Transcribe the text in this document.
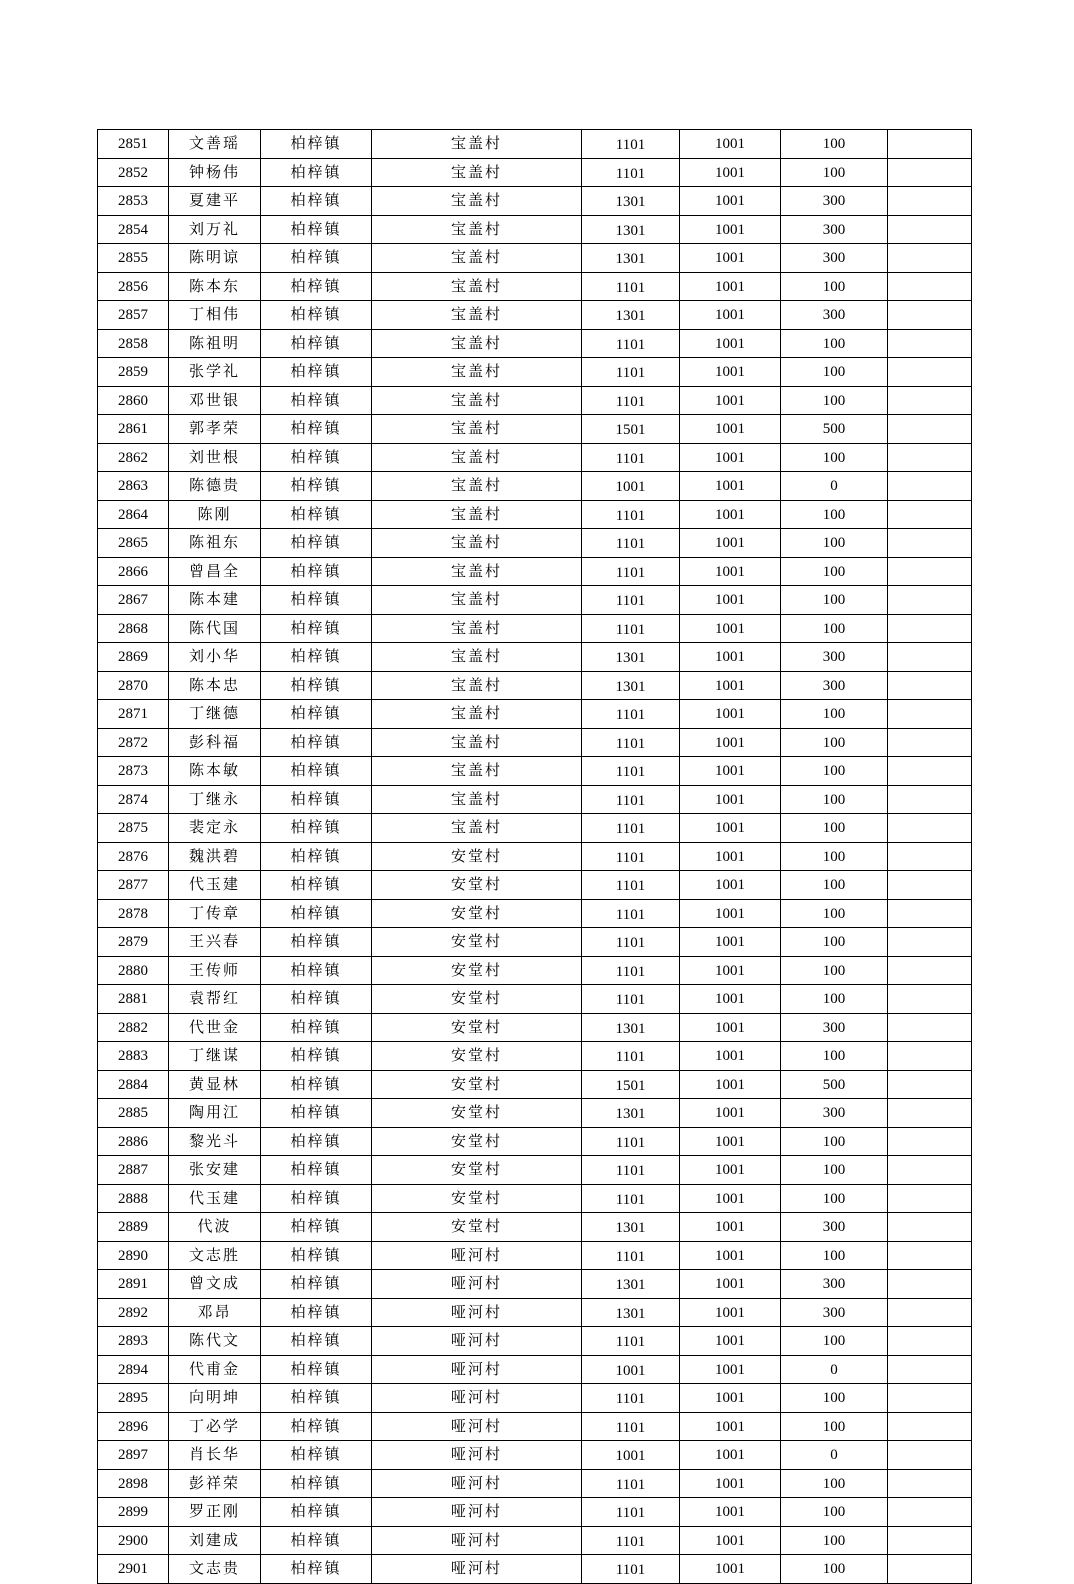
2851	文善瑶	柏梓镇	宝盖村	1101	1001	100	
2852	钟杨伟	柏梓镇	宝盖村	1101	1001	100	
2853	夏建平	柏梓镇	宝盖村	1301	1001	300	
2854	刘万礼	柏梓镇	宝盖村	1301	1001	300	
2855	陈明谅	柏梓镇	宝盖村	1301	1001	300	
2856	陈本东	柏梓镇	宝盖村	1101	1001	100	
2857	丁相伟	柏梓镇	宝盖村	1301	1001	300	
2858	陈祖明	柏梓镇	宝盖村	1101	1001	100	
2859	张学礼	柏梓镇	宝盖村	1101	1001	100	
2860	邓世银	柏梓镇	宝盖村	1101	1001	100	
2861	郭孝荣	柏梓镇	宝盖村	1501	1001	500	
2862	刘世根	柏梓镇	宝盖村	1101	1001	100	
2863	陈德贵	柏梓镇	宝盖村	1001	1001	0	
2864	陈刚	柏梓镇	宝盖村	1101	1001	100	
2865	陈祖东	柏梓镇	宝盖村	1101	1001	100	
2866	曾昌全	柏梓镇	宝盖村	1101	1001	100	
2867	陈本建	柏梓镇	宝盖村	1101	1001	100	
2868	陈代国	柏梓镇	宝盖村	1101	1001	100	
2869	刘小华	柏梓镇	宝盖村	1301	1001	300	
2870	陈本忠	柏梓镇	宝盖村	1301	1001	300	
2871	丁继德	柏梓镇	宝盖村	1101	1001	100	
2872	彭科福	柏梓镇	宝盖村	1101	1001	100	
2873	陈本敏	柏梓镇	宝盖村	1101	1001	100	
2874	丁继永	柏梓镇	宝盖村	1101	1001	100	
2875	裴定永	柏梓镇	宝盖村	1101	1001	100	
2876	魏洪碧	柏梓镇	安堂村	1101	1001	100	
2877	代玉建	柏梓镇	安堂村	1101	1001	100	
2878	丁传章	柏梓镇	安堂村	1101	1001	100	
2879	王兴春	柏梓镇	安堂村	1101	1001	100	
2880	王传师	柏梓镇	安堂村	1101	1001	100	
2881	袁帮红	柏梓镇	安堂村	1101	1001	100	
2882	代世金	柏梓镇	安堂村	1301	1001	300	
2883	丁继谋	柏梓镇	安堂村	1101	1001	100	
2884	黄显林	柏梓镇	安堂村	1501	1001	500	
2885	陶用江	柏梓镇	安堂村	1301	1001	300	
2886	黎光斗	柏梓镇	安堂村	1101	1001	100	
2887	张安建	柏梓镇	安堂村	1101	1001	100	
2888	代玉建	柏梓镇	安堂村	1101	1001	100	
2889	代波	柏梓镇	安堂村	1301	1001	300	
2890	文志胜	柏梓镇	哑河村	1101	1001	100	
2891	曾文成	柏梓镇	哑河村	1301	1001	300	
2892	邓昂	柏梓镇	哑河村	1301	1001	300	
2893	陈代文	柏梓镇	哑河村	1101	1001	100	
2894	代甫金	柏梓镇	哑河村	1001	1001	0	
2895	向明坤	柏梓镇	哑河村	1101	1001	100	
2896	丁必学	柏梓镇	哑河村	1101	1001	100	
2897	肖长华	柏梓镇	哑河村	1001	1001	0	
2898	彭祥荣	柏梓镇	哑河村	1101	1001	100	
2899	罗正刚	柏梓镇	哑河村	1101	1001	100	
2900	刘建成	柏梓镇	哑河村	1101	1001	100	
2901	文志贵	柏梓镇	哑河村	1101	1001	100	
